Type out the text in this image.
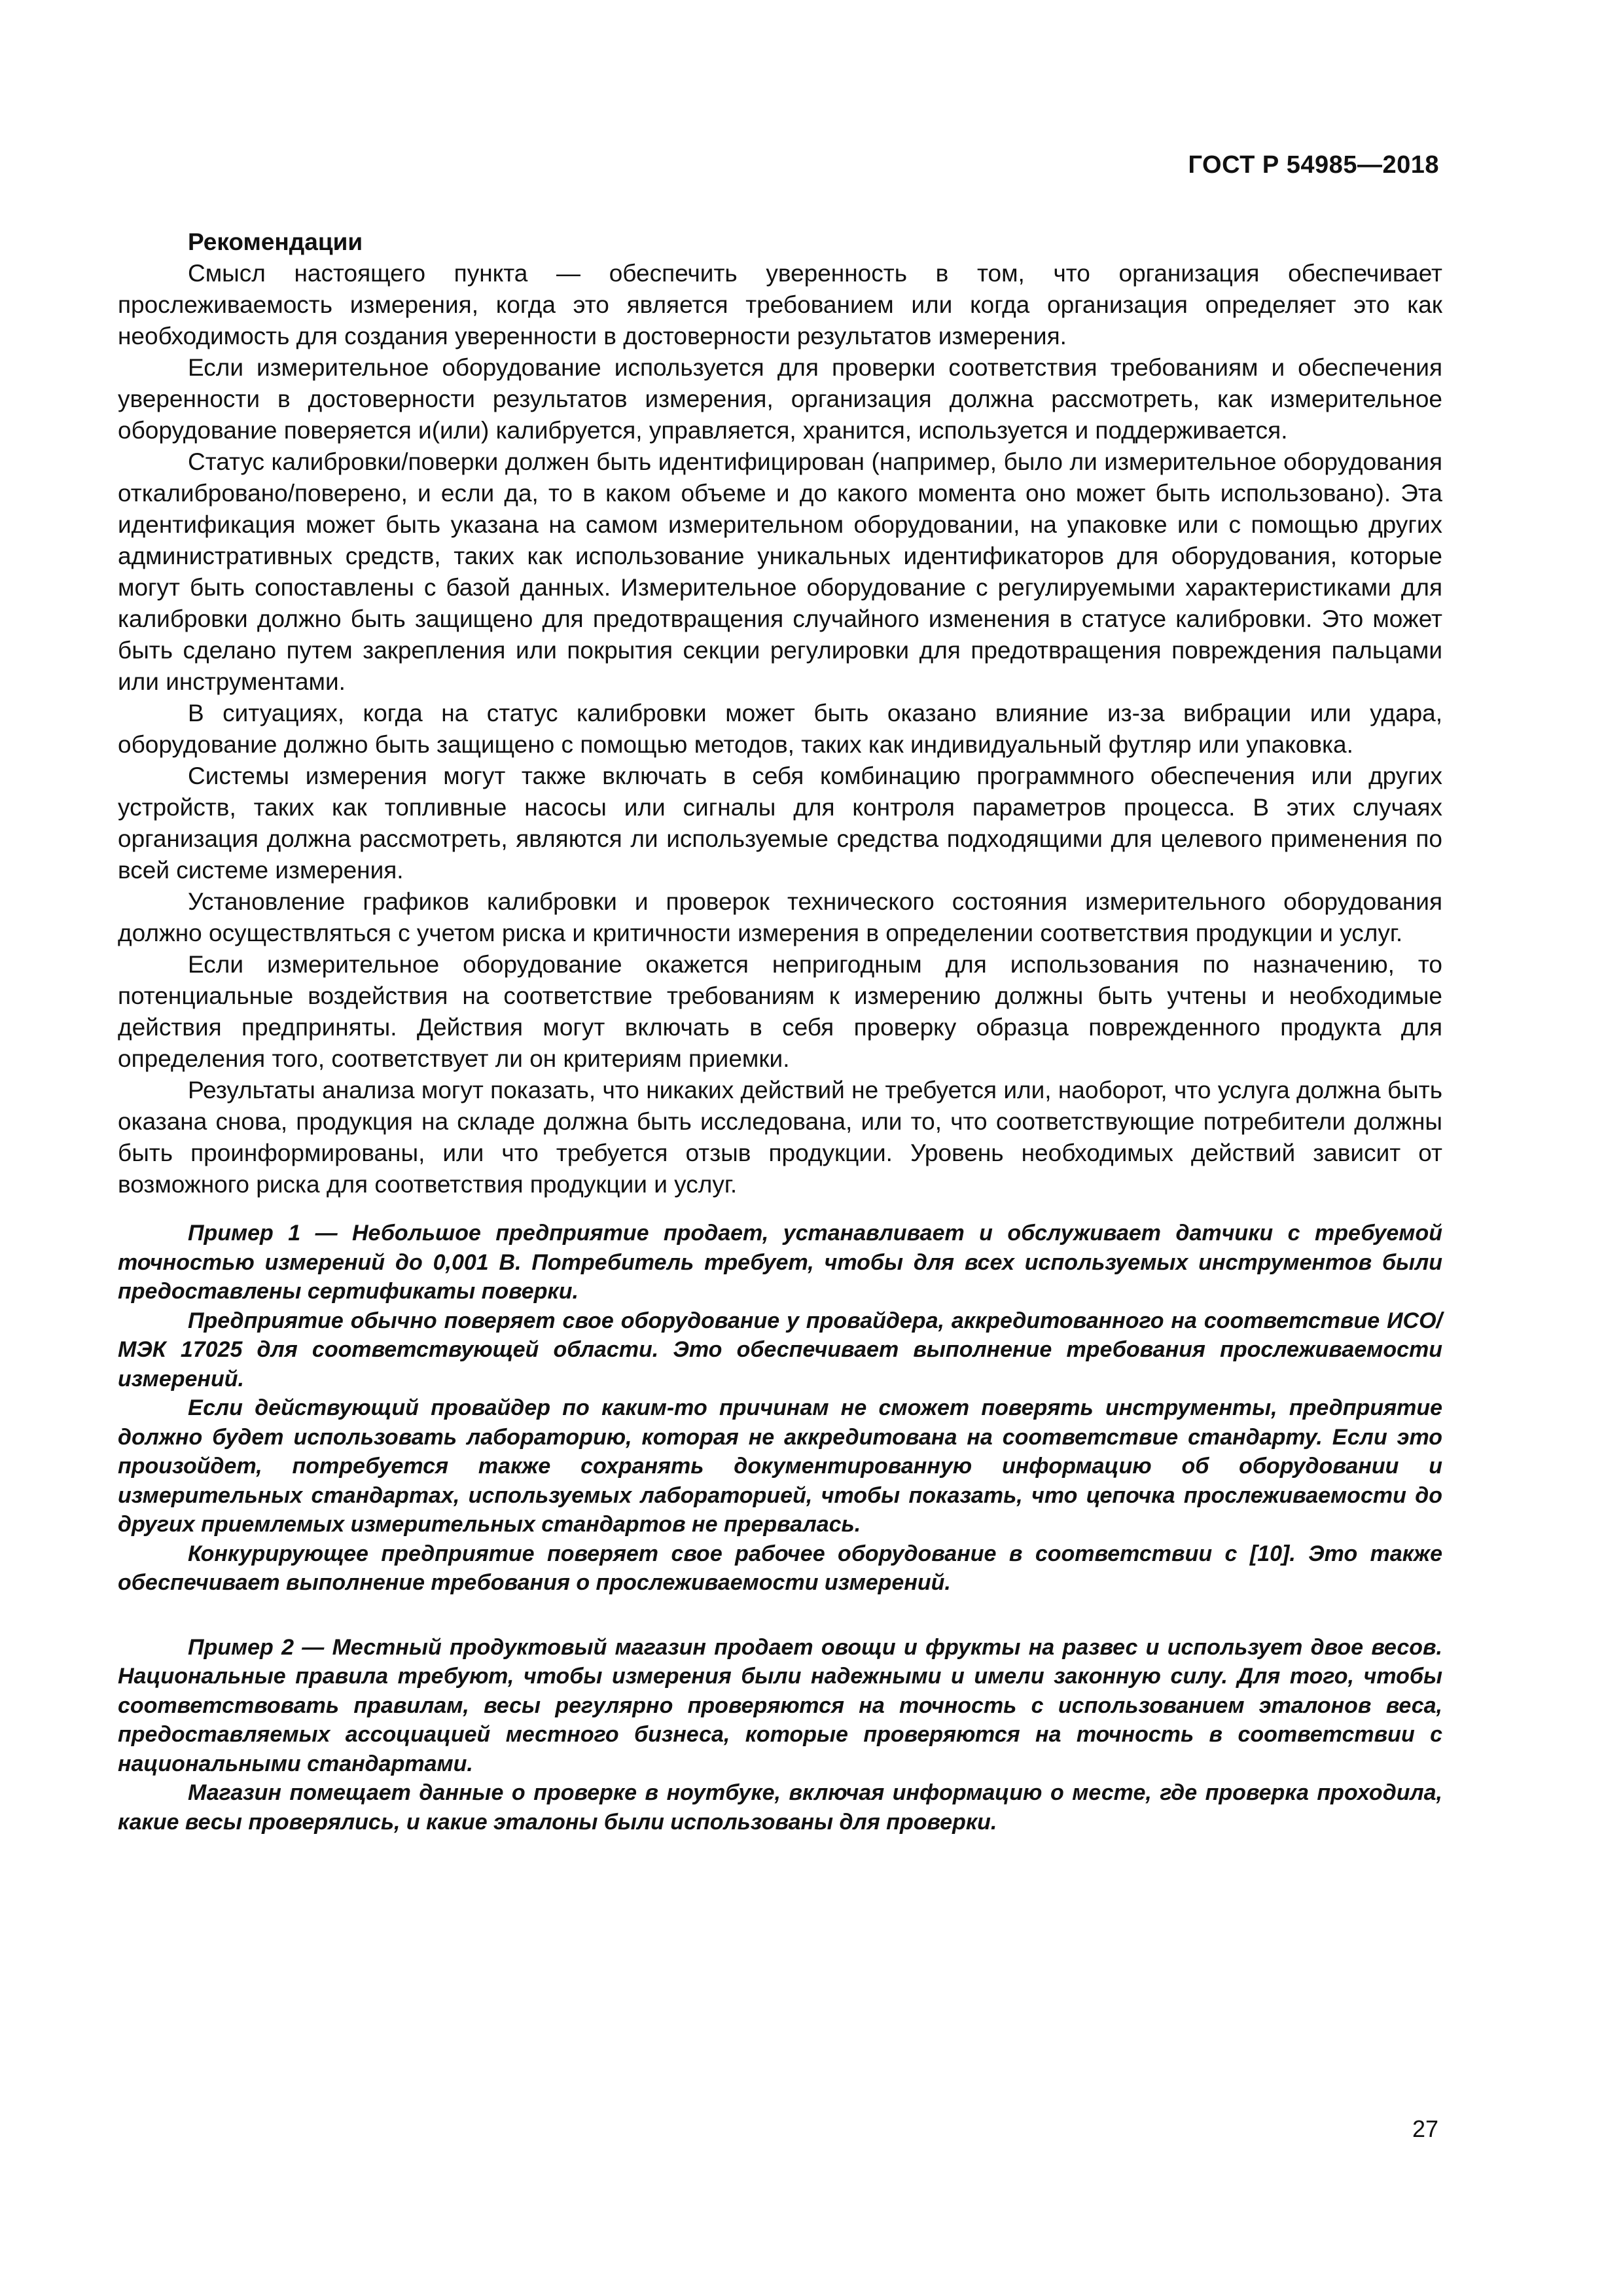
ГОСТ Р 54985—2018

Рекомендации

Смысл настоящего пункта — обеспечить уверенность в том, что организация обеспечивает прослеживаемость измерения, когда это является требованием или когда организация определяет это как необходимость для создания уверенности в достоверности результатов измерения.

Если измерительное оборудование используется для проверки соответствия требованиям и обеспечения уверенности в достоверности результатов измерения, организация должна рассмотреть, как измерительное оборудование поверяется и(или) калибруется, управляется, хранится, используется и поддерживается.

Статус калибровки/поверки должен быть идентифицирован (например, было ли измерительное оборудования откалибровано/поверено, и если да, то в каком объеме и до какого момента оно может быть использовано). Эта идентификация может быть указана на самом измерительном оборудовании, на упаковке или с помощью других административных средств, таких как использование уникальных идентификаторов для оборудования, которые могут быть сопоставлены с базой данных. Измерительное оборудование с регулируемыми характеристиками для калибровки должно быть защищено для предотвращения случайного изменения в статусе калибровки. Это может быть сделано путем закрепления или покрытия секции регулировки для предотвращения повреждения пальцами или инструментами.

В ситуациях, когда на статус калибровки может быть оказано влияние из-за вибрации или удара, оборудование должно быть защищено с помощью методов, таких как индивидуальный футляр или упаковка.

Системы измерения могут также включать в себя комбинацию программного обеспечения или других устройств, таких как топливные насосы или сигналы для контроля параметров процесса. В этих случаях организация должна рассмотреть, являются ли используемые средства подходящими для целевого применения по всей системе измерения.

Установление графиков калибровки и проверок технического состояния измерительного оборудования должно осуществляться с учетом риска и критичности измерения в определении соответствия продукции и услуг.

Если измерительное оборудование окажется непригодным для использования по назначению, то потенциальные воздействия на соответствие требованиям к измерению должны быть учтены и необходимые действия предприняты. Действия могут включать в себя проверку образца поврежденного продукта для определения того, соответствует ли он критериям приемки.

Результаты анализа могут показать, что никаких действий не требуется или, наоборот, что услуга должна быть оказана снова, продукция на складе должна быть исследована, или то, что соответствующие потребители должны быть проинформированы, или что требуется отзыв продукции. Уровень необходимых действий зависит от возможного риска для соответствия продукции и услуг.

Пример 1 — Небольшое предприятие продает, устанавливает и обслуживает датчики с требуемой точностью измерений до 0,001 В. Потребитель требует, чтобы для всех используемых инструментов были предоставлены сертификаты поверки.

Предприятие обычно поверяет свое оборудование у провайдера, аккредитованного на соответствие ИСО/МЭК 17025 для соответствующей области. Это обеспечивает выполнение требования прослеживаемости измерений.

Если действующий провайдер по каким-то причинам не сможет поверять инструменты, предприятие должно будет использовать лабораторию, которая не аккредитована на соответствие стандарту. Если это произойдет, потребуется также сохранять документированную информацию об оборудовании и измерительных стандартах, используемых лабораторией, чтобы показать, что цепочка прослеживаемости до других приемлемых измерительных стандартов не прервалась.

Конкурирующее предприятие поверяет свое рабочее оборудование в соответствии с [10]. Это также обеспечивает выполнение требования о прослеживаемости измерений.

Пример 2 — Местный продуктовый магазин продает овощи и фрукты на развес и использует двое весов. Национальные правила требуют, чтобы измерения были надежными и имели законную силу. Для того, чтобы соответствовать правилам, весы регулярно проверяются на точность с использованием эталонов веса, предоставляемых ассоциацией местного бизнеса, которые проверяются на точность в соответствии с национальными стандартами.

Магазин помещает данные о проверке в ноутбуке, включая информацию о месте, где проверка проходила, какие весы проверялись, и какие эталоны были использованы для проверки.

27
